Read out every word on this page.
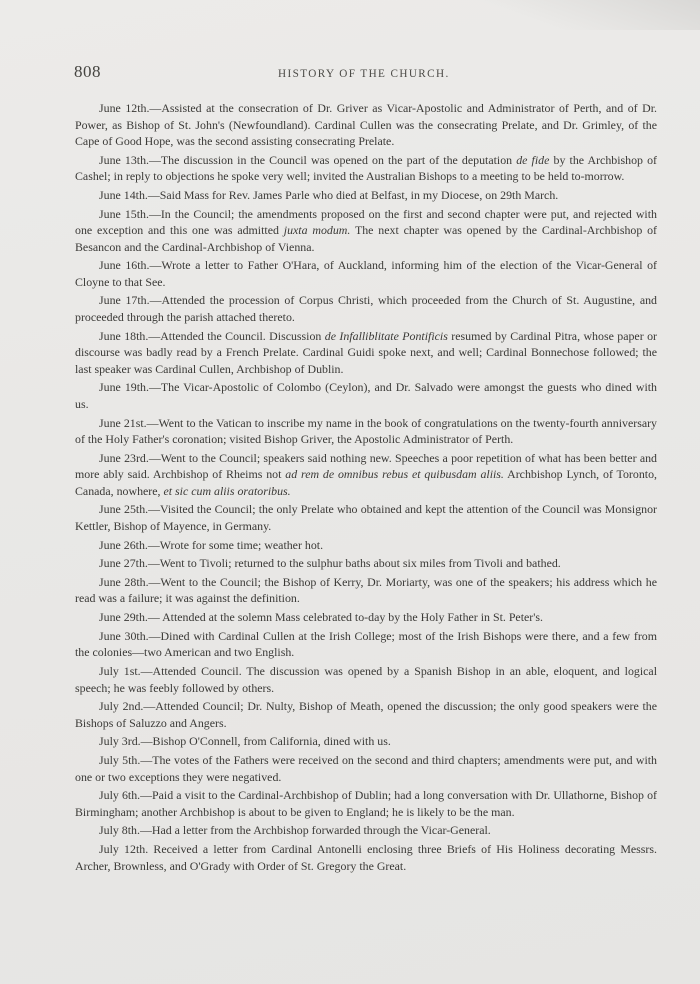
808	HISTORY OF THE CHURCH.

June 12th.—Assisted at the consecration of Dr. Griver as Vicar-Apostolic and Administrator of Perth, and of Dr. Power, as Bishop of St. John's (Newfoundland). Cardinal Cullen was the consecrating Prelate, and Dr. Grimley, of the Cape of Good Hope, was the second assisting consecrating Prelate.

June 13th.—The discussion in the Council was opened on the part of the deputation de fide by the Archbishop of Cashel; in reply to objections he spoke very well; invited the Australian Bishops to a meeting to be held to-morrow.

June 14th.—Said Mass for Rev. James Parle who died at Belfast, in my Diocese, on 29th March.

June 15th.—In the Council; the amendments proposed on the first and second chapter were put, and rejected with one exception and this one was admitted juxta modum. The next chapter was opened by the Cardinal-Archbishop of Besancon and the Cardinal-Archbishop of Vienna.

June 16th.—Wrote a letter to Father O'Hara, of Auckland, informing him of the election of the Vicar-General of Cloyne to that See.

June 17th.—Attended the procession of Corpus Christi, which proceeded from the Church of St. Augustine, and proceeded through the parish attached thereto.

June 18th.—Attended the Council. Discussion de Infalliblitate Pontificis resumed by Cardinal Pitra, whose paper or discourse was badly read by a French Prelate. Cardinal Guidi spoke next, and well; Cardinal Bonnechose followed; the last speaker was Cardinal Cullen, Archbishop of Dublin.

June 19th.—The Vicar-Apostolic of Colombo (Ceylon), and Dr. Salvado were amongst the guests who dined with us.

June 21st.—Went to the Vatican to inscribe my name in the book of congratulations on the twenty-fourth anniversary of the Holy Father's coronation; visited Bishop Griver, the Apostolic Administrator of Perth.

June 23rd.—Went to the Council; speakers said nothing new. Speeches a poor repetition of what has been better and more ably said. Archbishop of Rheims not ad rem de omnibus rebus et quibusdam aliis. Archbishop Lynch, of Toronto, Canada, nowhere, et sic cum aliis oratoribus.

June 25th.—Visited the Council; the only Prelate who obtained and kept the attention of the Council was Monsignor Kettler, Bishop of Mayence, in Germany.

June 26th.—Wrote for some time; weather hot.

June 27th.—Went to Tivoli; returned to the sulphur baths about six miles from Tivoli and bathed.

June 28th.—Went to the Council; the Bishop of Kerry, Dr. Moriarty, was one of the speakers; his address which he read was a failure; it was against the definition.

June 29th.— Attended at the solemn Mass celebrated to-day by the Holy Father in St. Peter's.

June 30th.—Dined with Cardinal Cullen at the Irish College; most of the Irish Bishops were there, and a few from the colonies—two American and two English.

July 1st.—Attended Council. The discussion was opened by a Spanish Bishop in an able, eloquent, and logical speech; he was feebly followed by others.

July 2nd.—Attended Council; Dr. Nulty, Bishop of Meath, opened the discussion; the only good speakers were the Bishops of Saluzzo and Angers.

July 3rd.—Bishop O'Connell, from California, dined with us.

July 5th.—The votes of the Fathers were received on the second and third chapters; amendments were put, and with one or two exceptions they were negatived.

July 6th.—Paid a visit to the Cardinal-Archbishop of Dublin; had a long conversation with Dr. Ullathorne, Bishop of Birmingham; another Archbishop is about to be given to England; he is likely to be the man.

July 8th.—Had a letter from the Archbishop forwarded through the Vicar-General.

July 12th. Received a letter from Cardinal Antonelli enclosing three Briefs of His Holiness decorating Messrs. Archer, Brownless, and O'Grady with Order of St. Gregory the Great.
